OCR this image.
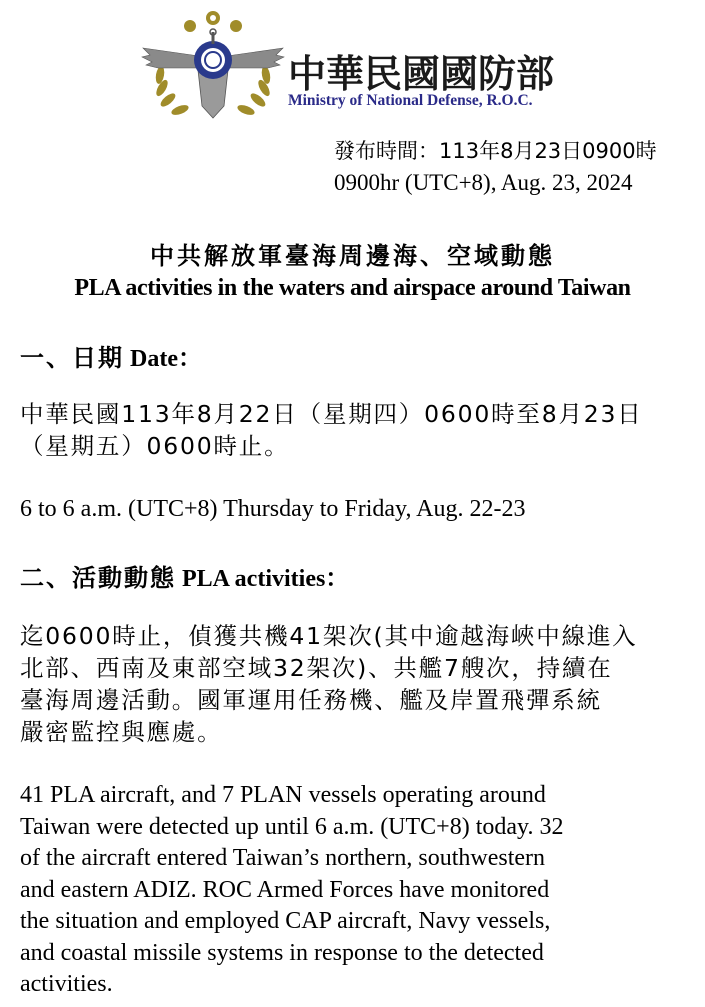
中華民國國防部
Ministry of National Defense, R.O.C.
發布時間：113年8月23日0900時
0900hr (UTC+8), Aug. 23, 2024
中共解放軍臺海周邊海、空域動態
PLA activities in the waters and airspace around Taiwan
一、日期 Date：
中華民國113年8月22日（星期四）0600時至8月23日
（星期五）0600時止。
6 to 6 a.m. (UTC+8) Thursday to Friday, Aug. 22-23
二、活動動態 PLA activities：
迄0600時止，偵獲共機41架次(其中逾越海峽中線進入
北部、西南及東部空域32架次)、共艦7艘次，持續在
臺海周邊活動。國軍運用任務機、艦及岸置飛彈系統
嚴密監控與應處。
41 PLA aircraft, and 7 PLAN vessels operating around
Taiwan were detected up until 6 a.m. (UTC+8) today. 32
of the aircraft entered Taiwan’s northern, southwestern
and eastern ADIZ. ROC Armed Forces have monitored
the situation and employed CAP aircraft, Navy vessels,
and coastal missile systems in response to the detected
activities.
